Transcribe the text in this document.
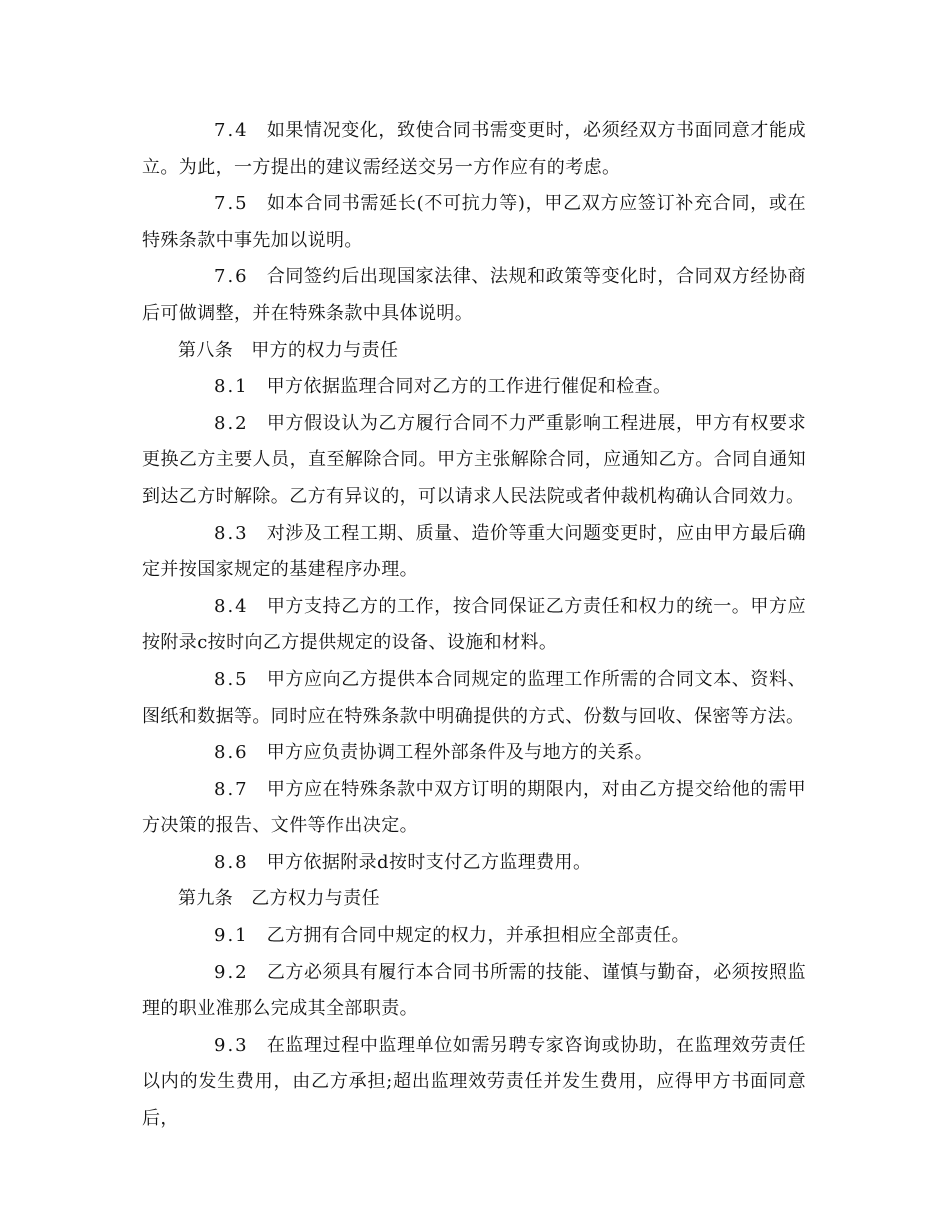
7.4 如果情况变化，致使合同书需变更时，必须经双方书面同意才能成立。为此，一方提出的建议需经送交另一方作应有的考虑。

7.5 如本合同书需延长(不可抗力等)，甲乙双方应签订补充合同，或在特殊条款中事先加以说明。

7.6 合同签约后出现国家法律、法规和政策等变化时，合同双方经协商后可做调整，并在特殊条款中具体说明。

第八条 甲方的权力与责任

8.1 甲方依据监理合同对乙方的工作进行催促和检查。

8.2 甲方假设认为乙方履行合同不力严重影响工程进展，甲方有权要求更换乙方主要人员，直至解除合同。甲方主张解除合同，应通知乙方。合同自通知到达乙方时解除。乙方有异议的，可以请求人民法院或者仲裁机构确认合同效力。

8.3 对涉及工程工期、质量、造价等重大问题变更时，应由甲方最后确定并按国家规定的基建程序办理。

8.4 甲方支持乙方的工作，按合同保证乙方责任和权力的统一。甲方应按附录c按时向乙方提供规定的设备、设施和材料。

8.5 甲方应向乙方提供本合同规定的监理工作所需的合同文本、资料、图纸和数据等。同时应在特殊条款中明确提供的方式、份数与回收、保密等方法。

8.6 甲方应负责协调工程外部条件及与地方的关系。

8.7 甲方应在特殊条款中双方订明的期限内，对由乙方提交给他的需甲方决策的报告、文件等作出决定。

8.8 甲方依据附录d按时支付乙方监理费用。

第九条 乙方权力与责任

9.1 乙方拥有合同中规定的权力，并承担相应全部责任。

9.2 乙方必须具有履行本合同书所需的技能、谨慎与勤奋，必须按照监理的职业准那么完成其全部职责。

9.3 在监理过程中监理单位如需另聘专家咨询或协助，在监理效劳责任以内的发生费用，由乙方承担;超出监理效劳责任并发生费用，应得甲方书面同意后，
